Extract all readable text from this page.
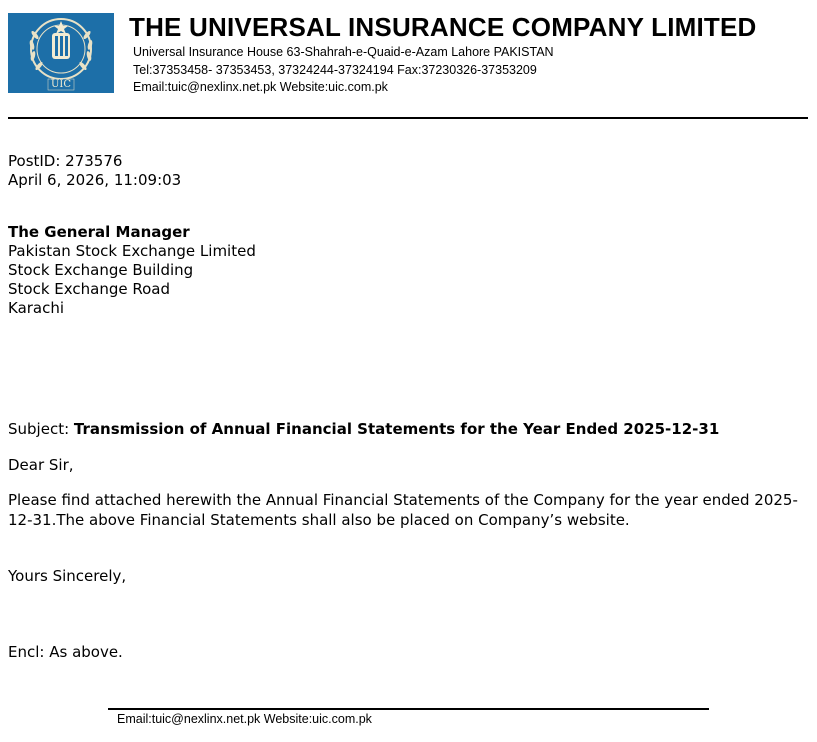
UIC
THE UNIVERSAL INSURANCE COMPANY LIMITED
Universal Insurance House 63-Shahrah-e-Quaid-e-Azam Lahore PAKISTAN
Tel:37353458- 37353453, 37324244-37324194 Fax:37230326-37353209
Email:tuic@nexlinx.net.pk Website:uic.com.pk
PostID: 273576
April 6, 2026, 11:09:03
The General Manager
Pakistan Stock Exchange Limited
Stock Exchange Building
Stock Exchange Road
Karachi
Subject: Transmission of Annual Financial Statements for the Year Ended 2025-12-31
Dear Sir,
Please find attached herewith the Annual Financial Statements of the Company for the year ended 2025-12-31.The above Financial Statements shall also be placed on Company’s website.
Yours Sincerely,
Encl: As above.
Email:tuic@nexlinx.net.pk Website:uic.com.pk
